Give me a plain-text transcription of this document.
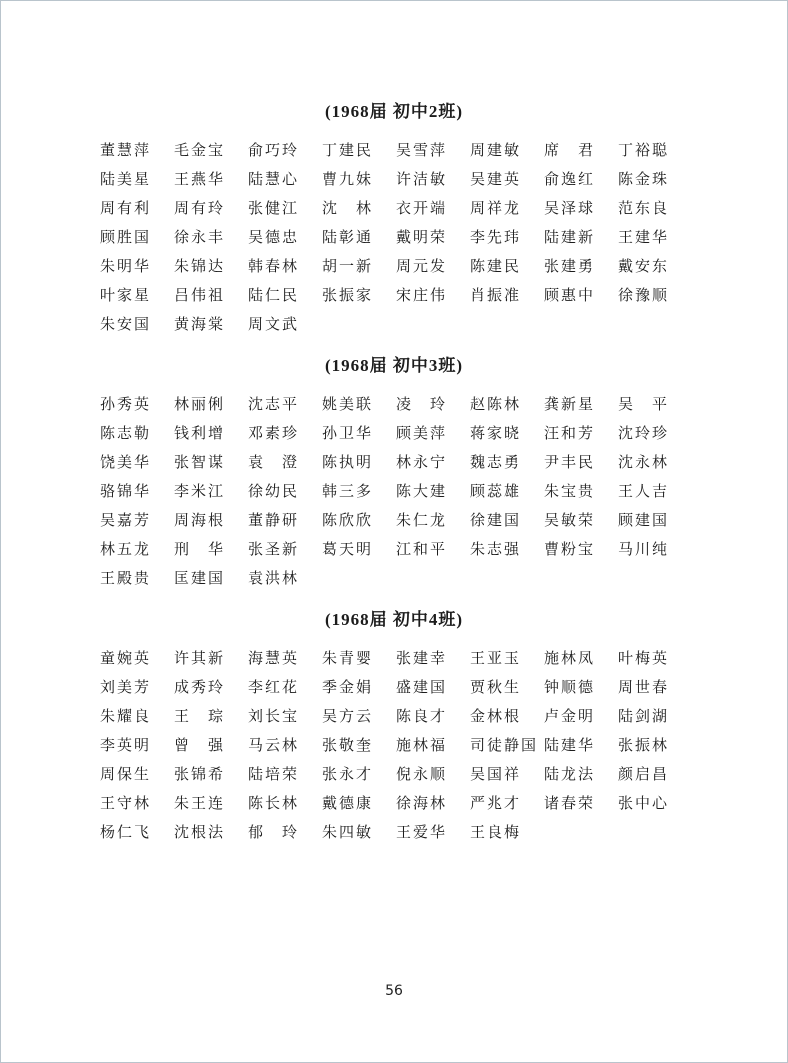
(1968届 初中2班)
董慧萍	毛金宝	俞巧玲	丁建民	吴雪萍	周建敏	席　君	丁裕聪
陆美星	王燕华	陆慧心	曹九妹	许洁敏	吴建英	俞逸红	陈金珠
周有利	周有玲	张健江	沈　林	衣开端	周祥龙	吴泽球	范东良
顾胜国	徐永丰	吴德忠	陆彰通	戴明荣	李先玮	陆建新	王建华
朱明华	朱锦达	韩春林	胡一新	周元发	陈建民	张建勇	戴安东
叶家星	吕伟祖	陆仁民	张振家	宋庄伟	肖振准	顾惠中	徐豫顺
朱安国	黄海棠	周文武
(1968届 初中3班)
孙秀英	林丽俐	沈志平	姚美联	凌　玲	赵陈林	龚新星	吴　平
陈志勒	钱利增	邓素珍	孙卫华	顾美萍	蒋家晓	汪和芳	沈玲珍
饶美华	张智谋	袁　澄	陈执明	林永宁	魏志勇	尹丰民	沈永林
骆锦华	李米江	徐幼民	韩三多	陈大建	顾蕊雄	朱宝贵	王人吉
吴嘉芳	周海根	董静研	陈欣欣	朱仁龙	徐建国	吴敏荣	顾建国
林五龙	刑　华	张圣新	葛天明	江和平	朱志强	曹粉宝	马川纯
王殿贵	匡建国	袁洪林
(1968届 初中4班)
童婉英	许其新	海慧英	朱青婴	张建幸	王亚玉	施林凤	叶梅英
刘美芳	成秀玲	李红花	季金娟	盛建国	贾秋生	钟顺德	周世春
朱耀良	王　琮	刘长宝	吴方云	陈良才	金林根	卢金明	陆剑湖
李英明	曾　强	马云林	张敬奎	施林福	司徒静国 陆建华	张振林
周保生	张锦希	陆培荣	张永才	倪永顺	吴国祥	陆龙法	颜启昌
王守林	朱王连	陈长林	戴德康	徐海林	严兆才	诸春荣	张中心
杨仁飞	沈根法	郁　玲	朱四敏	王爱华	王良梅
56
